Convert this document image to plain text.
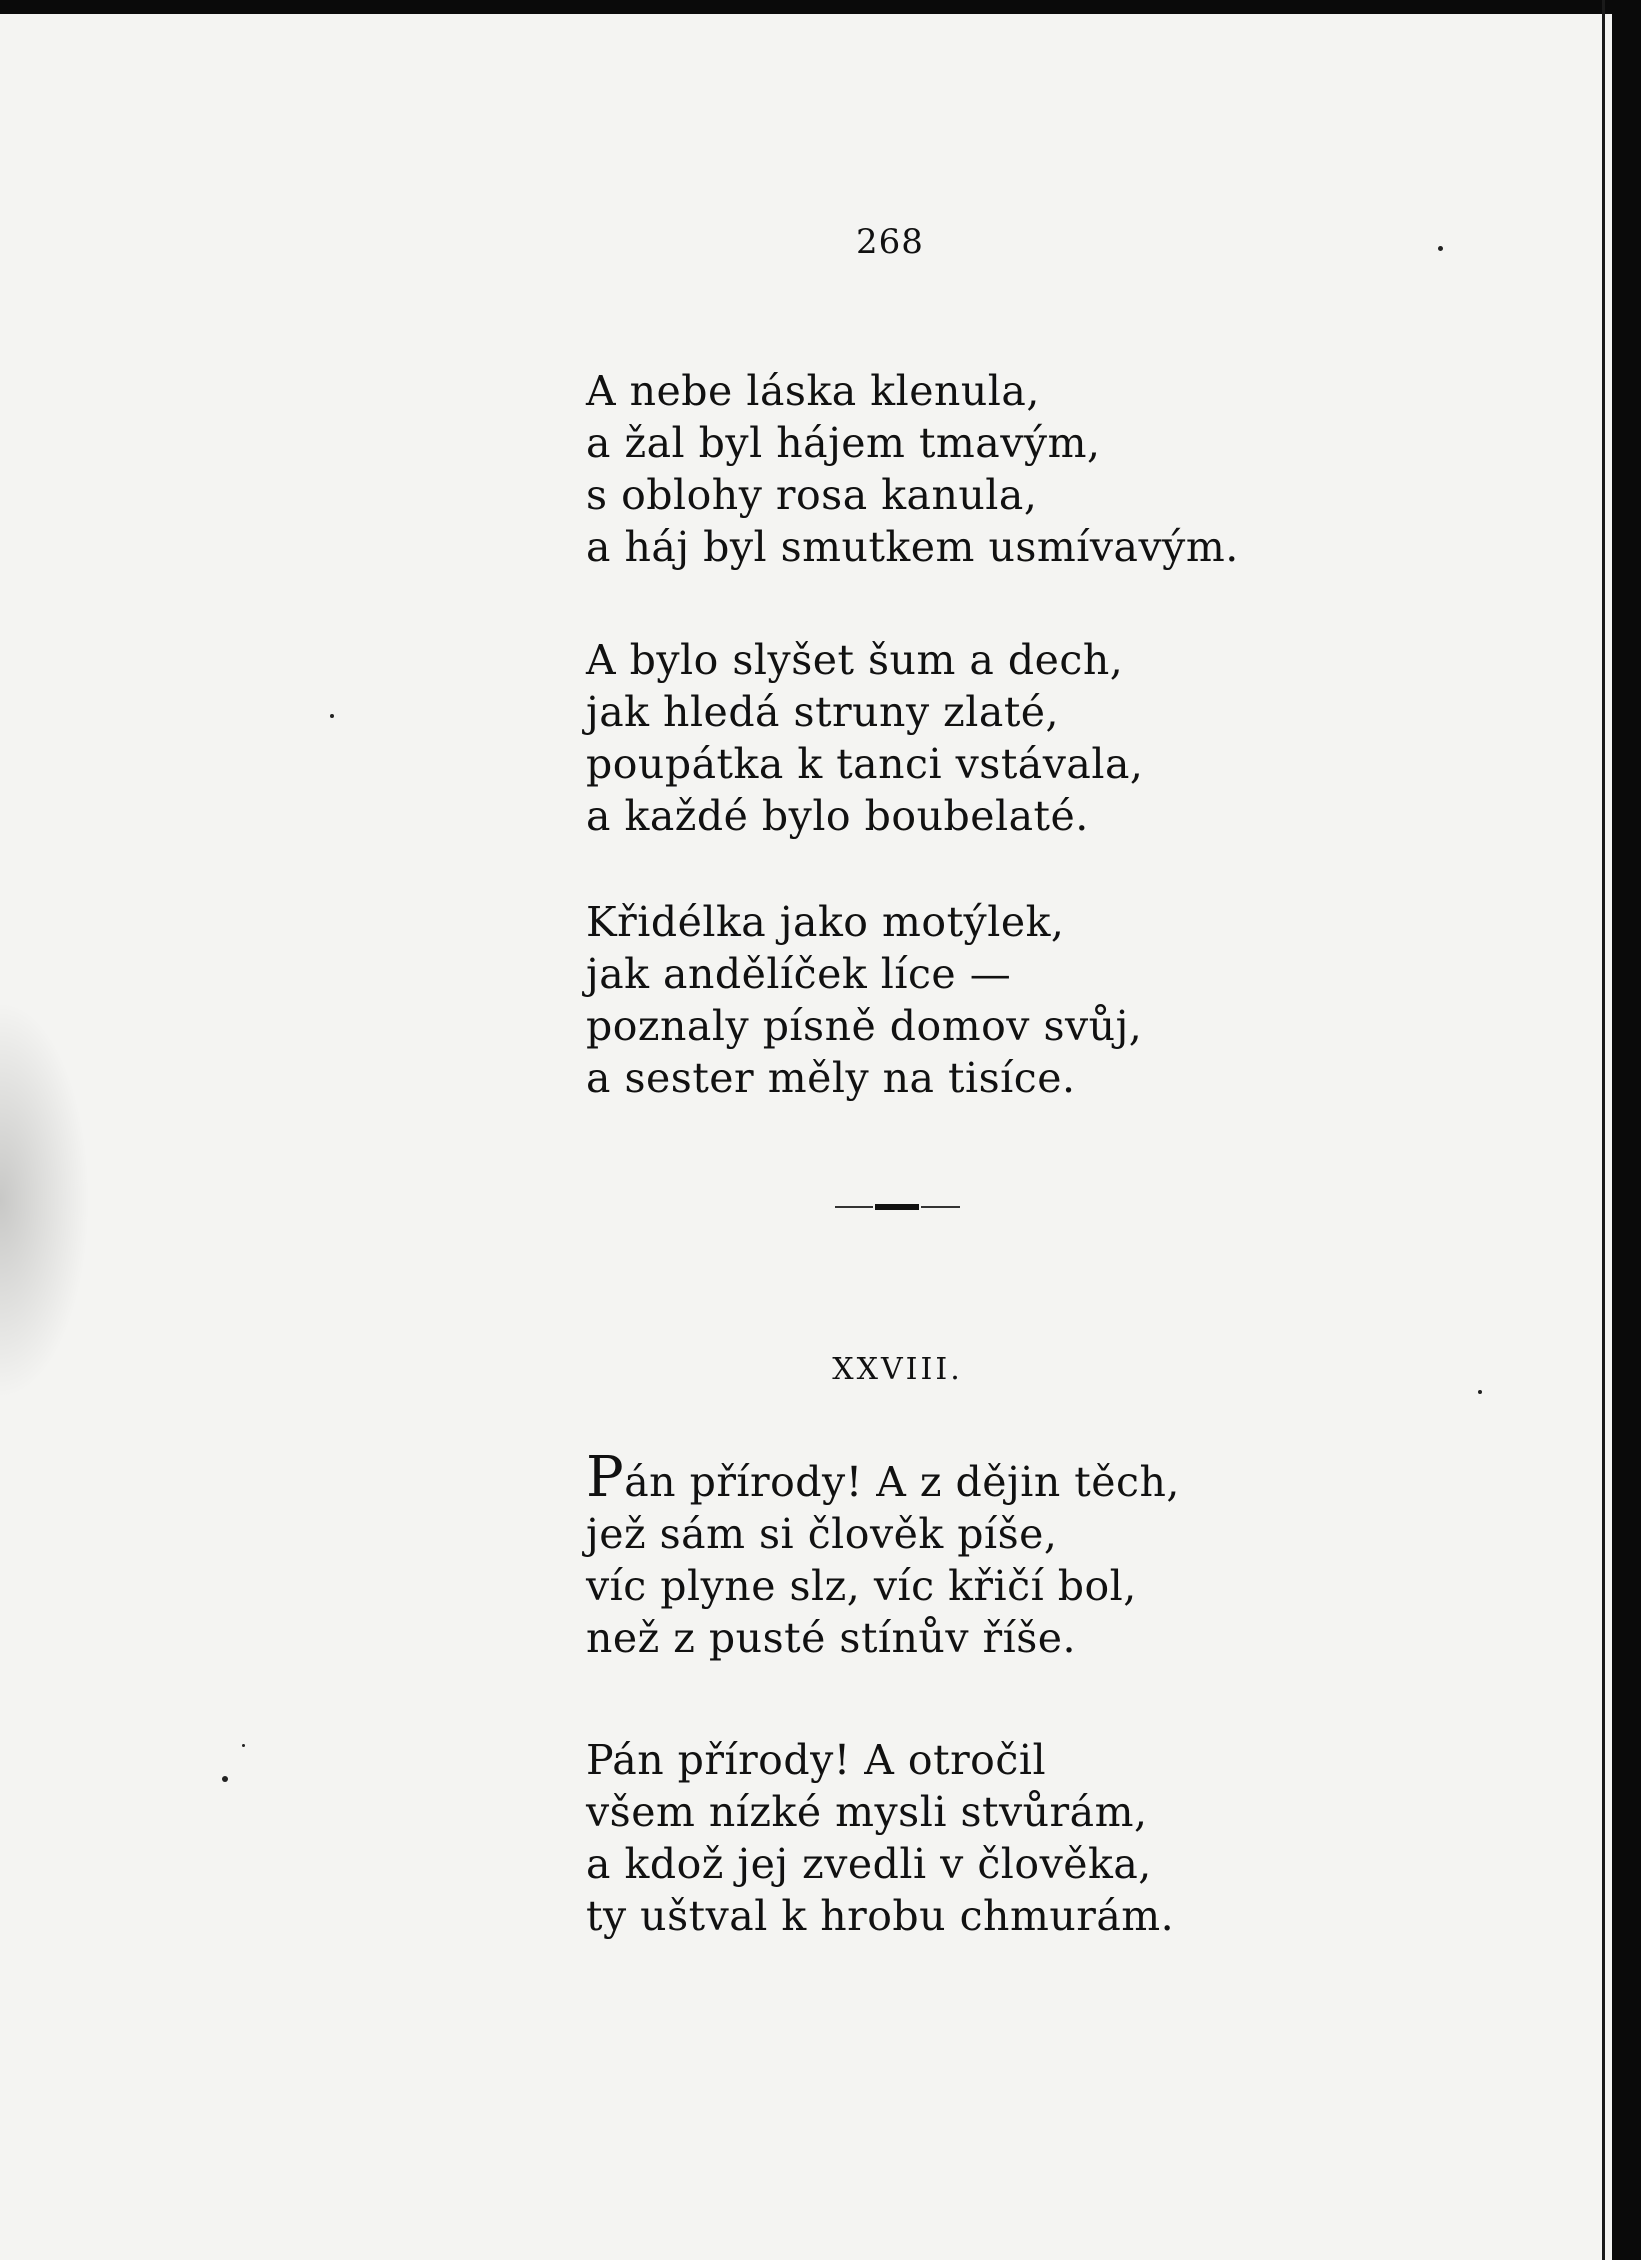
268
A nebe láska klenula,
a žal byl hájem tmavým,
s oblohy rosa kanula,
a háj byl smutkem usmívavým.
A bylo slyšet šum a dech,
jak hledá struny zlaté,
poupátka k tanci vstávala,
a každé bylo boubelaté.
Křidélka jako motýlek,
jak andělíček líce —
poznaly písně domov svůj,
a sester měly na tisíce.
XXVIII.
Pán přírody! A z dějin těch,
jež sám si člověk píše,
víc plyne slz, víc křičí bol,
než z pusté stínův říše.
Pán přírody! A otročil
všem nízké mysli stvůrám,
a kdož jej zvedli v člověka,
ty uštval k hrobu chmurám.
